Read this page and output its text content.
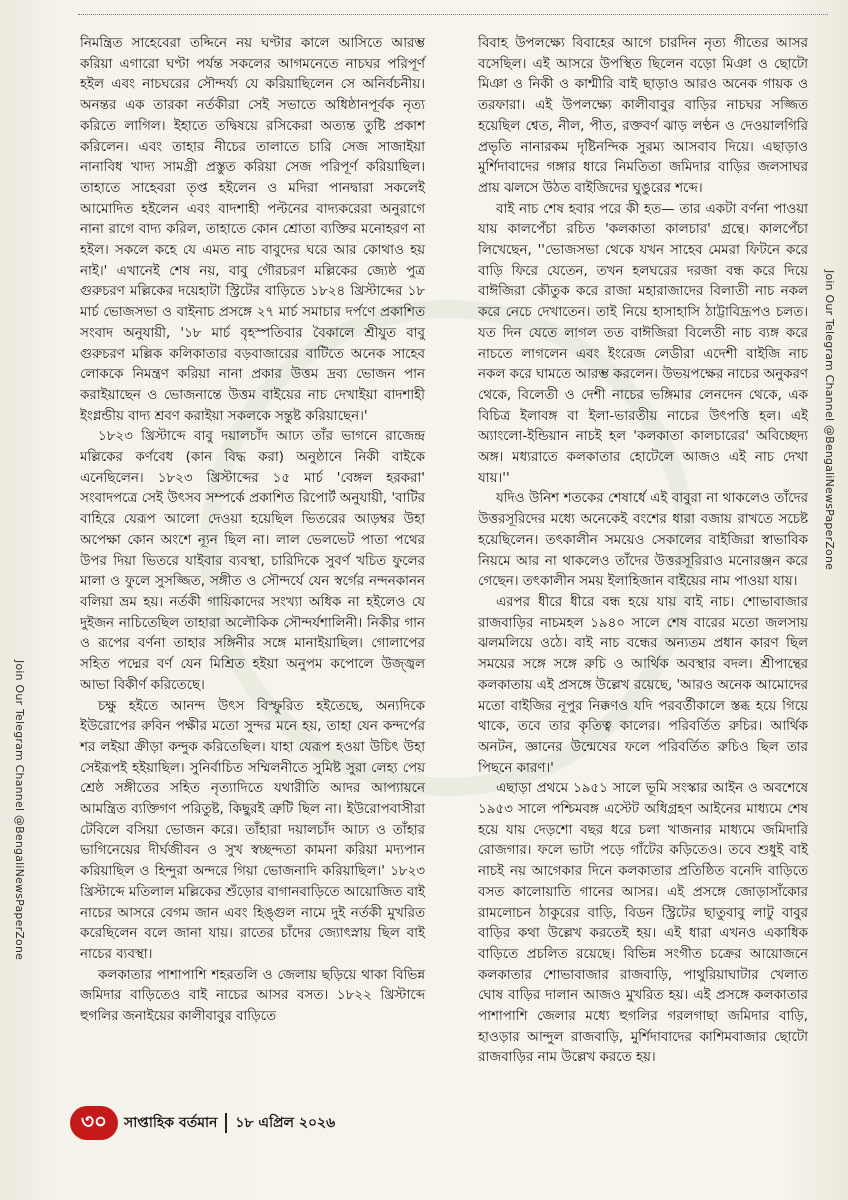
নিমন্ত্রিত সাহেবেরা তদ্দিনে নয় ঘণ্টার কালে আসিতে আরম্ভ করিয়া এগারো ঘণ্টা পর্যন্ত সকলের আগমনেতে নাচঘর পরিপূর্ণ হইল এবং নাচঘরের সৌন্দর্য্য যে করিয়াছিলেন সে অনির্বচনীয়। অনন্তর এক তারকা নর্তকীরা সেই সভাতে অধিষ্ঠানপূর্বক নৃত্য করিতে লাগিল। ইহাতে তদ্বিষয়ে রসিকেরা অত্যন্ত তুষ্টি প্রকাশ করিলেন। এবং তাহার নীচের তালাতে চারি সেজ সাজাইয়া নানাবিধ খাদ্য সামগ্রী প্রস্তুত করিয়া সেজ পরিপূর্ণ করিয়াছিল। তাহাতে সাহেবরা তৃপ্ত হইলেন ও মদিরা পানদ্বারা সকলেই আমোদিত হইলেন এবং বাদশাহী পল্টনের বাদ্যকরেরা অনুরাগে নানা রাগে বাদ্য করিল, তাহাতে কোন শ্রোতা ব্যক্তির মনোহরণ না হইল। সকলে কহে যে এমত নাচ বাবুদের ঘরে আর কোথাও হয় নাই।' এখানেই শেষ নয়, বাবু গৌরচরণ মল্লিকের জ্যেষ্ঠ পুত্র গুরুচরণ মল্লিকের দয়েহাটা স্ট্রিটের বাড়িতে ১৮২৪ খ্রিস্টাব্দের ১৮ মার্চ ভোজসভা ও বাইনাচ প্রসঙ্গে ২৭ মার্চ সমাচার দর্পণে প্রকাশিত সংবাদ অনুযায়ী, '১৮ মার্চ বৃহস্পতিবার বৈকালে শ্রীযুত বাবু গুরুচরণ মল্লিক কলিকাতার বড়বাজারের বাটিতে অনেক সাহেব লোককে নিমন্ত্রণ করিয়া নানা প্রকার উত্তম দ্রব্য ভোজন পান করাইয়াছেন ও ভোজনান্তে উত্তম বাইয়ের নাচ দেখাইয়া বাদশাহী ইংগ্লন্ডীয় বাদ্য শ্রবণ করাইয়া সকলকে সন্তুষ্ট করিয়াছেন।'

১৮২৩ খ্রিস্টাব্দে বাবু দয়ালচাঁদ আঢ্য তাঁর ভাগনে রাজেন্দ্র মল্লিকের কর্ণবেধ (কান বিদ্ধ করা) অনুষ্ঠানে নিকী বাইকে এনেছিলেন। ১৮২৩ খ্রিস্টাব্দের ১৫ মার্চ 'বেঙ্গল হরকরা' সংবাদপত্রে সেই উৎসব সম্পর্কে প্রকাশিত রিপোর্ট অনুযায়ী, 'বাটির বাহিরে যেরূপ আলো দেওয়া হয়েছিল ভিতরের আড়ম্বর উহা অপেক্ষা কোন অংশে ন্যূন ছিল না। লাল ভেলভেট পাতা পথের উপর দিয়া ভিতরে যাইবার ব্যবস্থা, চারিদিকে সুবর্ণ খচিত ফুলের মালা ও ফুলে সুসজ্জিত, সঙ্গীত ও সৌন্দর্যে যেন স্বর্গের নন্দনকানন বলিয়া ভ্রম হয়। নর্তকী গায়িকাদের সংখ্যা অধিক না হইলেও যে দুইজন নাচিতেছিল তাহারা অলৌকিক সৌন্দর্যশালিনী। নিকীর গান ও রূপের বর্ণনা তাহার সঙ্গিনীর সঙ্গে মানাইয়াছিল। গোলাপের সহিত পদ্মের বর্ণ যেন মিশ্রিত হইয়া অনুপম কপোলে উজ্জ্বল আভা বিকীর্ণ করিতেছে।

চক্ষু হইতে আনন্দ উৎস বিস্ফুরিত হইতেছে, অন্যদিকে ইউরোপের রুবিন পক্ষীর মতো সুন্দর মনে হয়, তাহা যেন কন্দর্পের শর লইয়া ক্রীড়া কন্দুক করিতেছিল। যাহা যেরূপ হওয়া উচিৎ উহা সেইরূপই হইয়াছিল। সুনির্বাচিত সম্মিলনীতে সুমিষ্ট সুরা লেহ্য পেয় শ্রেষ্ঠ সঙ্গীতের সহিত নৃত্যাদিতে যথারীতি আদর আপ্যায়নে আমন্ত্রিত ব্যক্তিগণ পরিতুষ্ট, কিছুরই ত্রুটি ছিল না। ইউরোপবাসীরা টেবিলে বসিয়া ভোজন করে। তাঁহারা দয়ালচাঁদ আঢ্য ও তাঁহার ভাগিনেয়ের দীর্ঘজীবন ও সুখ স্বচ্ছন্দতা কামনা করিয়া মদ্যপান করিয়াছিল ও হিন্দুরা অন্দরে গিয়া ভোজনাদি করিয়াছিল।' ১৮২৩ খ্রিস্টাব্দে মতিলাল মল্লিকের শুঁড়োর বাগানবাড়িতে আয়োজিত বাই নাচের আসরে বেগম জান এবং হিঙ্গুল নামে দুই নর্তকী মুখরিত করেছিলেন বলে জানা যায়। রাতের চাঁদের জ্যোৎস্নায় ছিল বাই নাচের ব্যবস্থা।

কলকাতার পাশাপাশি শহরতলি ও জেলায় ছড়িয়ে থাকা বিভিন্ন জমিদার বাড়িতেও বাই নাচের আসর বসত। ১৮২২ খ্রিস্টাব্দে হুগলির জনাইয়ের কালীবাবুর বাড়িতে

বিবাহ উপলক্ষ্যে বিবাহের আগে চারদিন নৃত্য গীতের আসর বসেছিল। এই আসরে উপস্থিত ছিলেন বড়ো মিঞা ও ছোটো মিঞা ও নিকী ও কাশ্মীরি বাই ছাড়াও আরও অনেক গায়ক ও তরফারা। এই উপলক্ষ্যে কালীবাবুর বাড়ির নাচঘর সজ্জিত হয়েছিল শ্বেত, নীল, পীত, রক্তবর্ণ ঝাড় লণ্ঠন ও দেওয়ালগিরি প্রভৃতি নানারকম দৃষ্টিনন্দিক সুরম্য আসবাব দিয়ে। এছাড়াও মুর্শিদাবাদের গঙ্গার ধারে নিমতিতা জমিদার বাড়ির জলসাঘর প্রায় ঝলসে উঠত বাইজিদের ঘুঙুরের শব্দে।

বাই নাচ শেষ হবার পরে কী হত— তার একটা বর্ণনা পাওয়া যায় কালপেঁচা রচিত 'কলকাতা কালচার' গ্রন্থে। কালপেঁচা লিখেছেন, ''ভোজসভা থেকে যখন সাহেব মেমরা ফিটনে করে বাড়ি ফিরে যেতেন, তখন হলঘরের দরজা বন্ধ করে দিয়ে বাঈজিরা কৌতুক করে রাজা মহারাজাদের বিলাতী নাচ নকল করে নেচে দেখাতেন। তাই নিয়ে হাসাহাসি ঠাট্টাবিদ্রূপও চলত। যত দিন যেতে লাগল তত বাঈজিরা বিলেতী নাচ ব্যঙ্গ করে নাচতে লাগলেন এবং ইংরেজ লেডীরা এদেশী বাইজি নাচ নকল করে ঘামতে আরম্ভ করলেন। উভয়পক্ষের নাচের অনুকরণ থেকে, বিলেতী ও দেশী নাচের ভঙ্গিমার লেনদেন থেকে, এক বিচিত্র ইলাবঙ্গ বা ইলা-ভারতীয় নাচের উৎপত্তি হল। এই অ্যাংলো-ইন্ডিয়ান নাচই হল 'কলকাতা কালচারের' অবিচ্ছেদ্য অঙ্গ। মধ্যরাতে কলকাতার হোটেলে আজও এই নাচ দেখা যায়।''

যদিও উনিশ শতকের শেষার্ধে এই বাবুরা না থাকলেও তাঁদের উত্তরসূরিদের মধ্যে অনেকেই বংশের ধারা বজায় রাখতে সচেষ্ট হয়েছিলেন। তৎকালীন সময়েও সেকালের বাইজিরা স্বাভাবিক নিয়মে আর না থাকলেও তাঁদের উত্তরসূরিরাও মনোরঞ্জন করে গেছেন। তৎকালীন সময় ইলাহিজান বাইয়ের নাম পাওয়া যায়।

এরপর ধীরে ধীরে বন্ধ হয়ে যায় বাই নাচ। শোভাবাজার রাজবাড়ির নাচমহল ১৯৪০ সালে শেষ বারের মতো জলসায় ঝলমলিয়ে ওঠে। বাই নাচ বন্ধের অন্যতম প্রধান কারণ ছিল সময়ের সঙ্গে সঙ্গে রুচি ও আর্থিক অবস্থার বদল। শ্রীপান্থের কলকাতায় এই প্রসঙ্গে উল্লেখ রয়েছে, 'আরও অনেক আমোদের মতো বাইজির নূপুর নিক্কণও যদি পরবর্তীকালে স্তব্ধ হয়ে গিয়ে থাকে, তবে তার কৃতিত্ব কালের। পরিবর্তিত রুচির। আর্থিক অনটন, জ্ঞানের উন্মেষের ফলে পরিবর্তিত রুচিও ছিল তার পিছনে কারণ।'

এছাড়া প্রথমে ১৯৫১ সালে ভূমি সংস্কার আইন ও অবশেষে ১৯৫৩ সালে পশ্চিমবঙ্গ এস্টেট অধিগ্রহণ আইনের মাধ্যমে শেষ হয়ে যায় দেড়শো বছর ধরে চলা খাজনার মাধ্যমে জমিদারি রোজগার। ফলে ভাটা পড়ে গাঁটের কড়িতেও। তবে শুধুই বাই নাচই নয় আগেকার দিনে কলকাতার প্রতিষ্ঠিত বনেদি বাড়িতে বসত কালোয়াতি গানের আসর। এই প্রসঙ্গে জোড়াসাঁকোর রামলোচন ঠাকুরের বাড়ি, বিডন স্ট্রিটের ছাতুবাবু লাটু বাবুর বাড়ির কথা উল্লেখ করতেই হয়। এই ধারা এখনও একাধিক বাড়িতে প্রচলিত রয়েছে। বিভিন্ন সংগীত চক্রের আয়োজনে কলকাতার শোভাবাজার রাজবাড়ি, পাথুরিয়াঘাটার খেলাত ঘোষ বাড়ির দালান আজও মুখরিত হয়। এই প্রসঙ্গে কলকাতার পাশাপাশি জেলার মধ্যে হুগলির গরলগাছা জমিদার বাড়ি, হাওড়ার আন্দুল রাজবাড়ি, মুর্শিদাবাদের কাশিমবাজার ছোটো রাজবাড়ির নাম উল্লেখ করতে হয়।

Join Our Telegram Channel @BengaliNewsPaperZone
Join Our Telegram Channel @BengaliNewsPaperZone
৩০	সাপ্তাহিক বর্তমান ১৮ এপ্রিল ২০২৬
